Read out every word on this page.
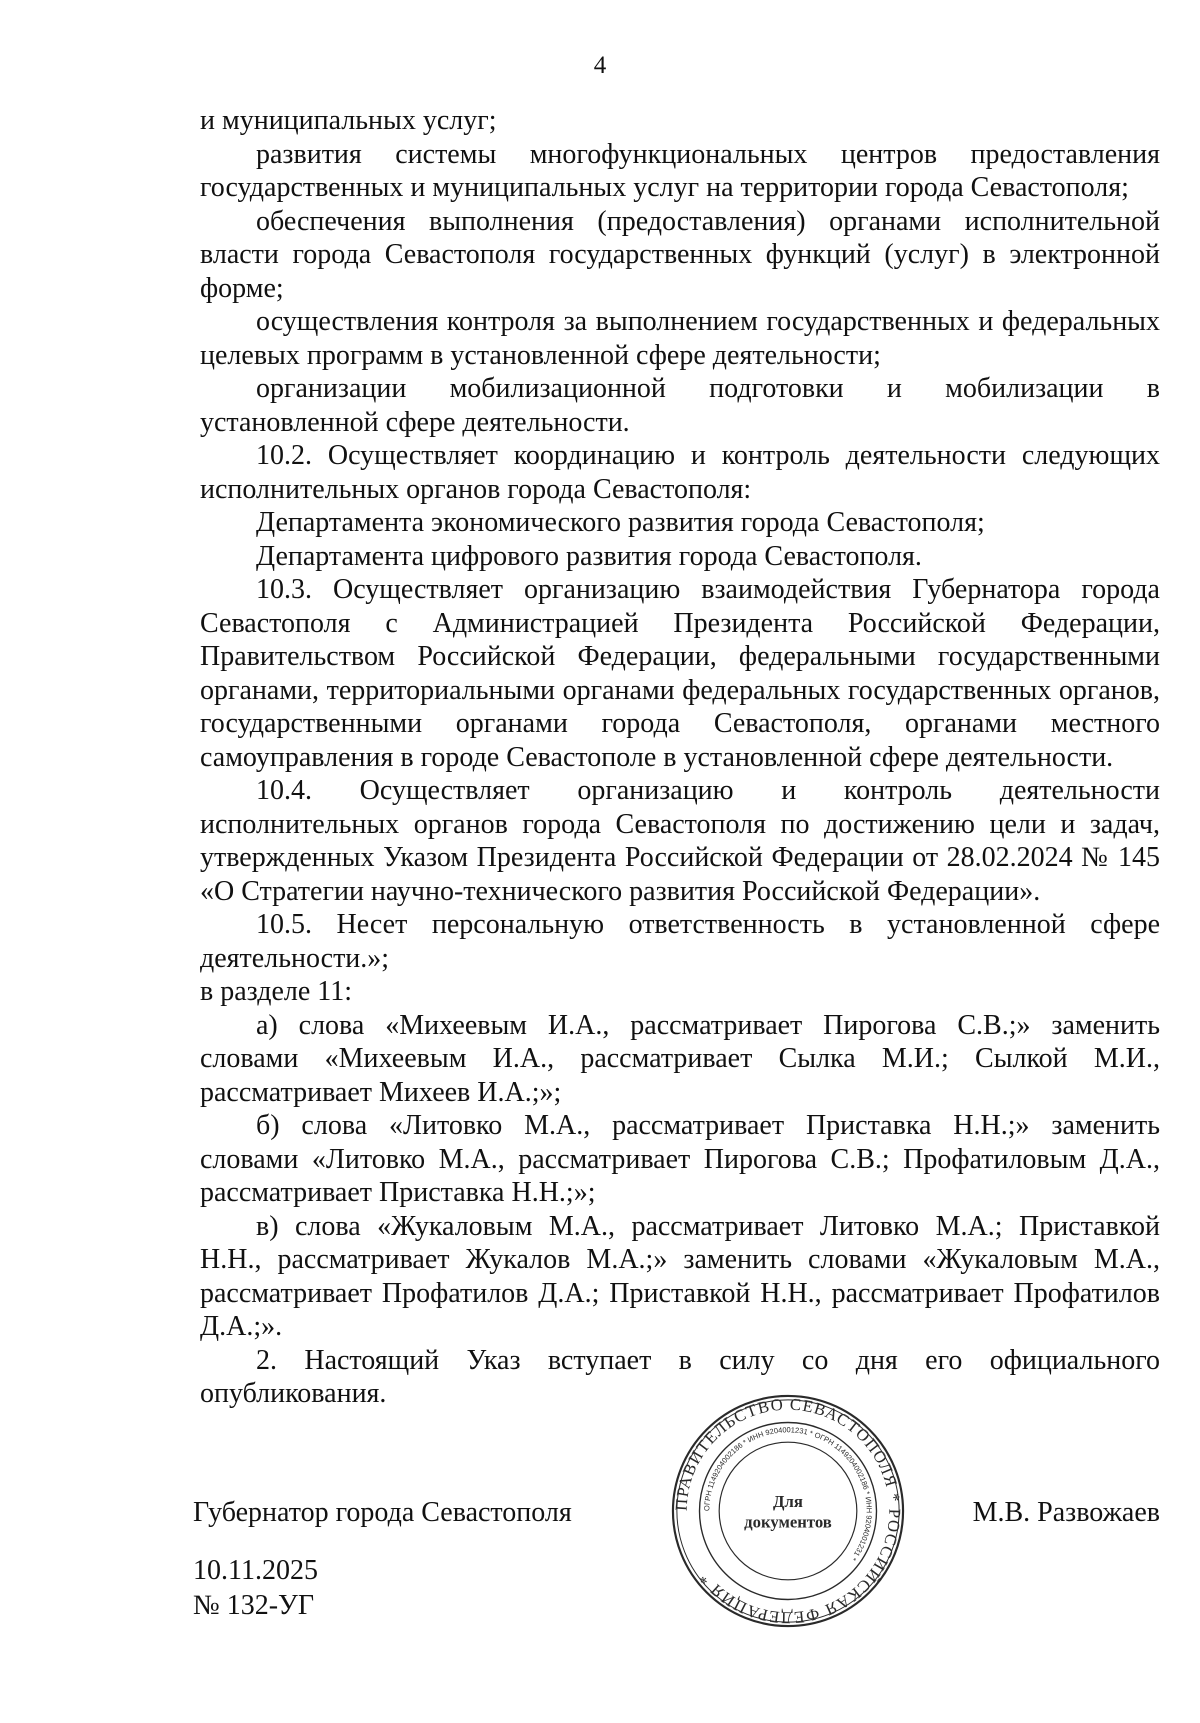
4

и муниципальных услуг;

развития системы многофункциональных центров предоставления государственных и муниципальных услуг на территории города Севастополя;

обеспечения выполнения (предоставления) органами исполнительной власти города Севастополя государственных функций (услуг) в электронной форме;

осуществления контроля за выполнением государственных и федеральных целевых программ в установленной сфере деятельности;

организации мобилизационной подготовки и мобилизации в установленной сфере деятельности.

10.2. Осуществляет координацию и контроль деятельности следующих исполнительных органов города Севастополя:

Департамента экономического развития города Севастополя;

Департамента цифрового развития города Севастополя.

10.3. Осуществляет организацию взаимодействия Губернатора города Севастополя с Администрацией Президента Российской Федерации, Правительством Российской Федерации, федеральными государственными органами, территориальными органами федеральных государственных органов, государственными органами города Севастополя, органами местного самоуправления в городе Севастополе в установленной сфере деятельности.

10.4. Осуществляет организацию и контроль деятельности исполнительных органов города Севастополя по достижению цели и задач, утвержденных Указом Президента Российской Федерации от 28.02.2024 № 145 «О Стратегии научно-технического развития Российской Федерации».

10.5. Несет персональную ответственность в установленной сфере деятельности.»;

в разделе 11:

а) слова «Михеевым И.А., рассматривает Пирогова С.В.;» заменить словами «Михеевым И.А., рассматривает Сылка М.И.; Сылкой М.И., рассматривает Михеев И.А.;»;

б) слова «Литовко М.А., рассматривает Приставка Н.Н.;» заменить словами «Литовко М.А., рассматривает Пирогова С.В.; Профатиловым Д.А., рассматривает Приставка Н.Н.;»;

в) слова «Жукаловым М.А., рассматривает Литовко М.А.; Приставкой Н.Н., рассматривает Жукалов М.А.;» заменить словами «Жукаловым М.А., рассматривает Профатилов Д.А.; Приставкой Н.Н., рассматривает Профатилов Д.А.;».

2. Настоящий Указ вступает в силу со дня его официального опубликования.

ПРАВИТЕЛЬСТВО СЕВАСТОПОЛЯ * РОССИЙСКАЯ ФЕДЕРАЦИЯ *
ОГРН 1149204002186 * ИНН 9204001231 * ОГРН 1149204002186 * ИНН 9204001231 *
Для
документов
Губернатор города Севастополя	М.В. Развожаев
10.11.2025
№ 132-УГ
